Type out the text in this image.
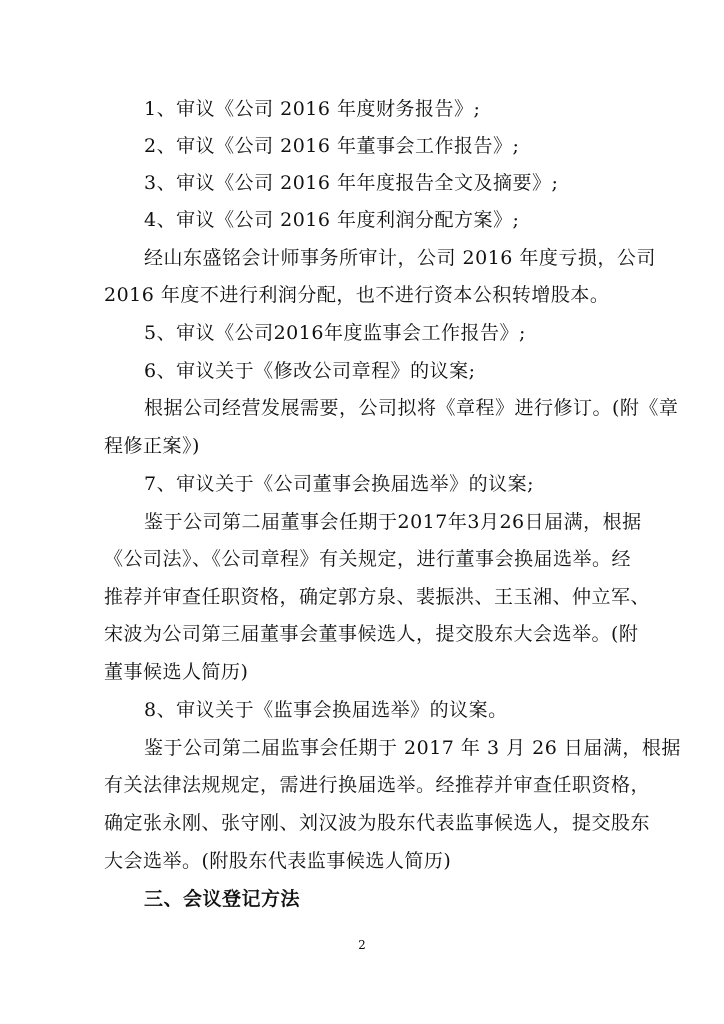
1、审议《公司 2016 年度财务报告》;
2、审议《公司 2016 年董事会工作报告》;
3、审议《公司 2016 年年度报告全文及摘要》;
4、审议《公司 2016 年度利润分配方案》;
经山东盛铭会计师事务所审计，公司 2016 年度亏损，公司
2016 年度不进行利润分配，也不进行资本公积转增股本。
5、审议《公司2016年度监事会工作报告》;
6、审议关于《修改公司章程》的议案;
根据公司经营发展需要，公司拟将《章程》进行修订。(附《章
程修正案》)
7、审议关于《公司董事会换届选举》的议案;
鉴于公司第二届董事会任期于2017年3月26日届满，根据
《公司法》、《公司章程》有关规定，进行董事会换届选举。经
推荐并审查任职资格，确定郭方泉、裴振洪、王玉湘、仲立军、
宋波为公司第三届董事会董事候选人，提交股东大会选举。(附
董事候选人简历)
8、审议关于《监事会换届选举》的议案。
鉴于公司第二届监事会任期于 2017 年 3 月 26 日届满，根据
有关法律法规规定，需进行换届选举。经推荐并审查任职资格，
确定张永刚、张守刚、刘汉波为股东代表监事候选人，提交股东
大会选举。(附股东代表监事候选人简历)
三、会议登记方法
2
